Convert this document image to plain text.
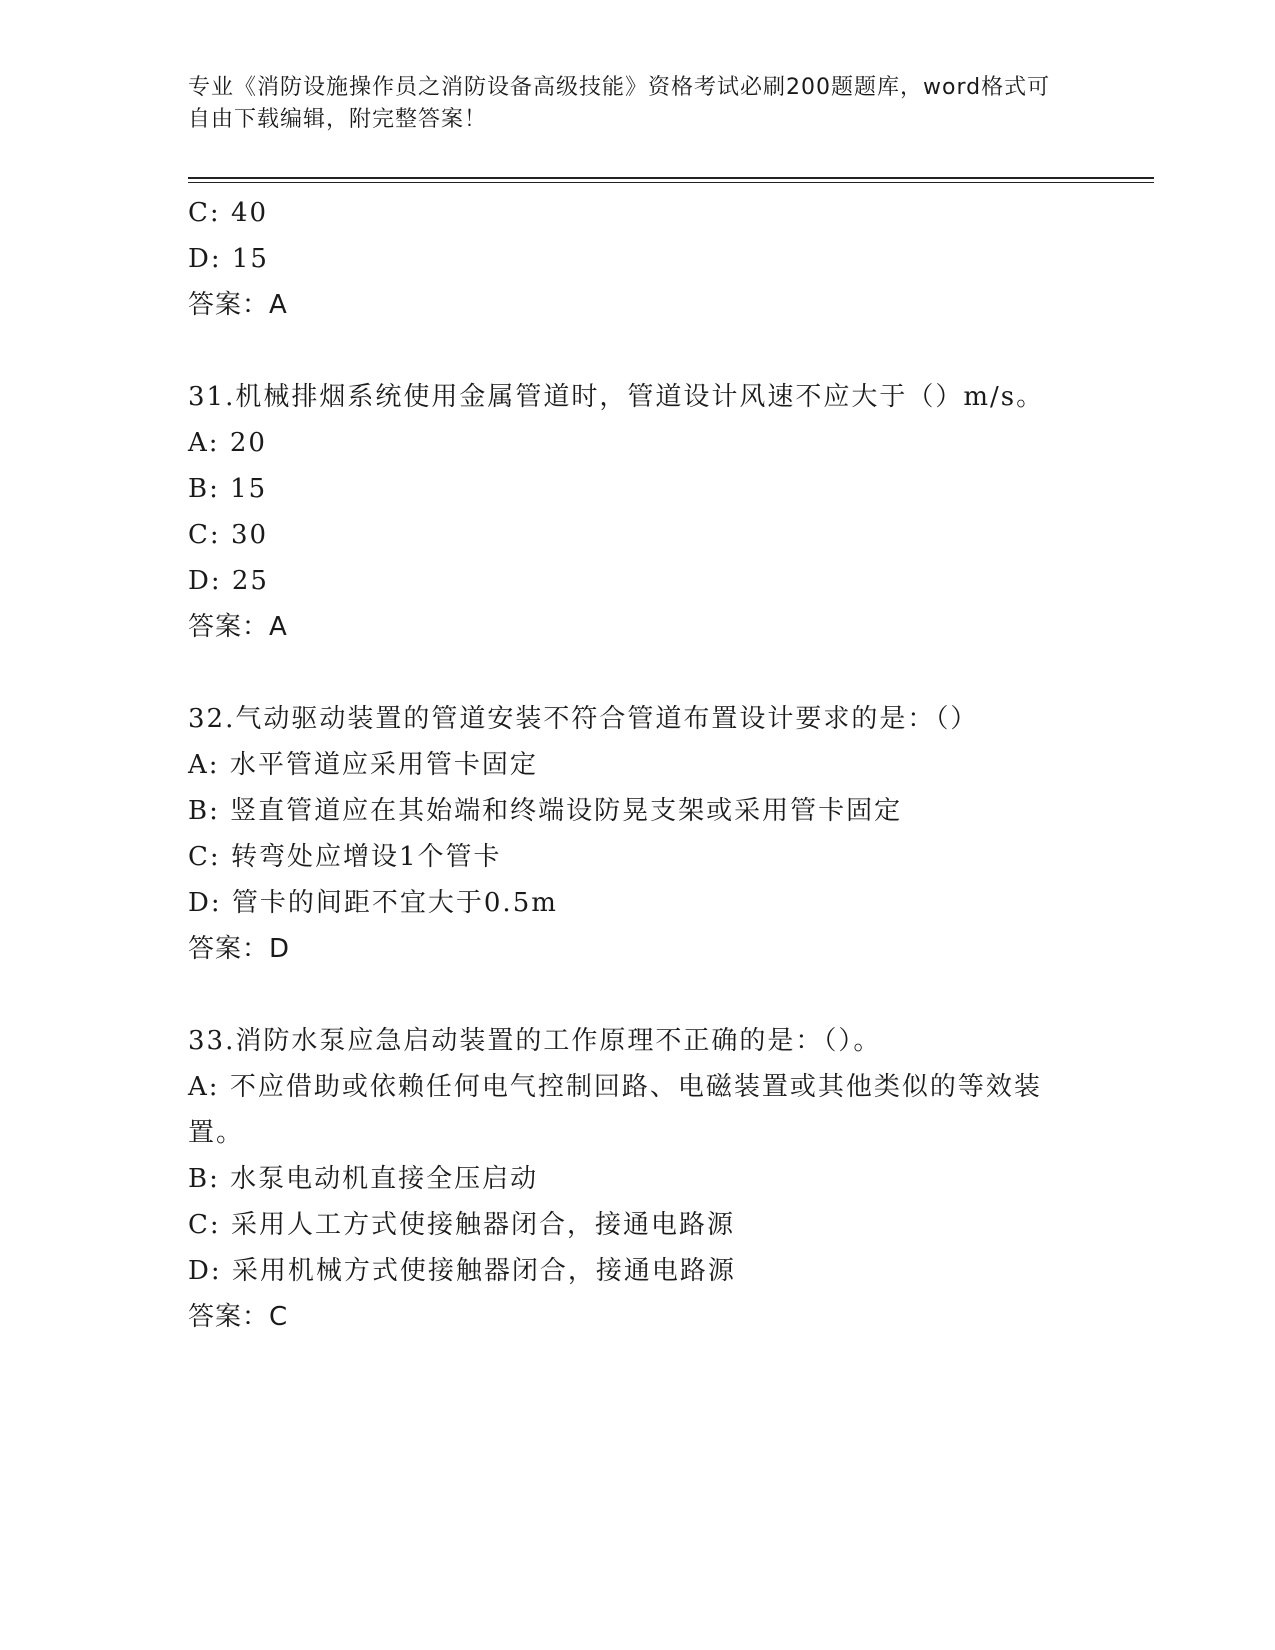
专业《消防设施操作员之消防设备高级技能》资格考试必刷200题题库，word格式可自由下载编辑，附完整答案！
C: 40
D: 15
答案：A
31.机械排烟系统使用金属管道时，管道设计风速不应大于（）m/s。
A: 20
B: 15
C: 30
D: 25
答案：A
32.气动驱动装置的管道安装不符合管道布置设计要求的是：（）
A: 水平管道应采用管卡固定
B: 竖直管道应在其始端和终端设防晃支架或采用管卡固定
C: 转弯处应增设1个管卡
D: 管卡的间距不宜大于0.5m
答案：D
33.消防水泵应急启动装置的工作原理不正确的是：（）。
A: 不应借助或依赖任何电气控制回路、电磁装置或其他类似的等效装置。
B: 水泵电动机直接全压启动
C: 采用人工方式使接触器闭合，接通电路源
D: 采用机械方式使接触器闭合，接通电路源
答案：C
